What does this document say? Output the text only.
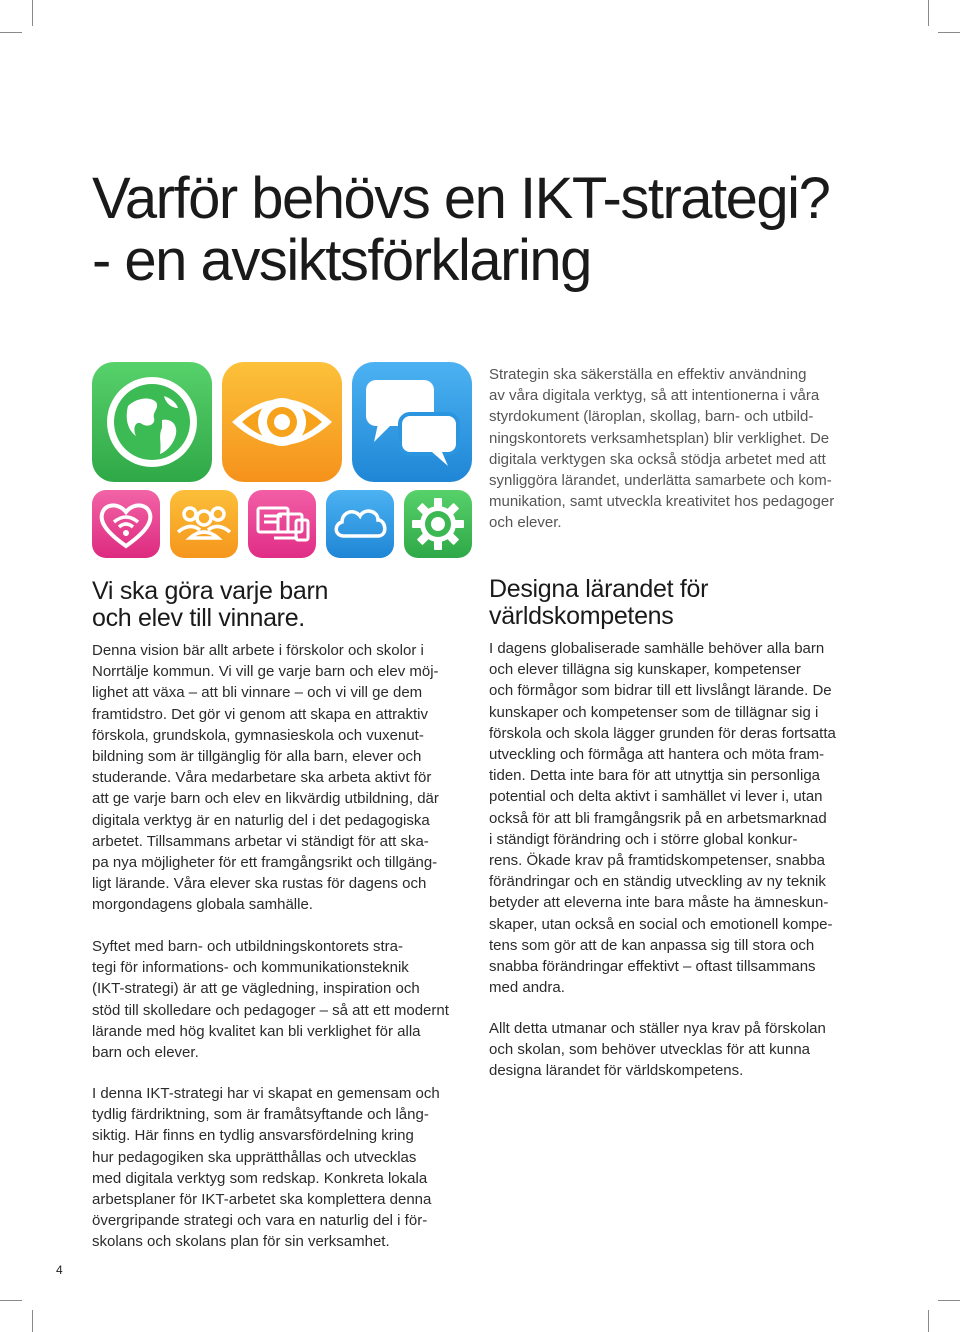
Varför behövs en IKT-strategi?
- en avsiktsförklaring

Strategin ska säkerställa en effektiv användning
av våra digitala verktyg, så att intentionerna i våra
styrdokument (läroplan, skollag, barn- och utbild-
ningskontorets verksamhetsplan) blir verklighet. De
digitala verktygen ska också stödja arbetet med att
synliggöra lärandet, underlätta samarbete och kom-
munikation, samt utveckla kreativitet hos pedagoger
och elever.

Vi ska göra varje barn
och elev till vinnare.

Denna vision bär allt arbete i förskolor och skolor i
Norrtälje kommun. Vi vill ge varje barn och elev möj-
lighet att växa – att bli vinnare – och vi vill ge dem
framtidstro. Det gör vi genom att skapa en attraktiv
förskola, grundskola, gymnasieskola och vuxenut-
bildning som är tillgänglig för alla barn, elever och
studerande. Våra medarbetare ska arbeta aktivt för
att ge varje barn och elev en likvärdig utbildning, där
digitala verktyg är en naturlig del i det pedagogiska
arbetet. Tillsammans arbetar vi ständigt för att ska-
pa nya möjligheter för ett framgångsrikt och tillgäng-
ligt lärande. Våra elever ska rustas för dagens och
morgondagens globala samhälle.

Syftet med barn- och utbildningskontorets stra-
tegi för informations- och kommunikationsteknik
(IKT-strategi) är att ge vägledning, inspiration och
stöd till skolledare och pedagoger – så att ett modernt
lärande med hög kvalitet kan bli verklighet för alla
barn och elever.

I denna IKT-strategi har vi skapat en gemensam och
tydlig färdriktning, som är framåtsyftande och lång-
siktig. Här finns en tydlig ansvarsfördelning kring
hur pedagogiken ska upprätthållas och utvecklas
med digitala verktyg som redskap. Konkreta lokala
arbetsplaner för IKT-arbetet ska komplettera denna
övergripande strategi och vara en naturlig del i för-
skolans och skolans plan för sin verksamhet.

Designa lärandet för
världskompetens

I dagens globaliserade samhälle behöver alla barn
och elever tillägna sig kunskaper, kompetenser
och förmågor som bidrar till ett livslångt lärande. De
kunskaper och kompetenser som de tillägnar sig i
förskola och skola lägger grunden för deras fortsatta
utveckling och förmåga att hantera och möta fram-
tiden. Detta inte bara för att utnyttja sin personliga
potential och delta aktivt i samhället vi lever i, utan
också för att bli framgångsrik på en arbetsmarknad
i ständigt förändring och i större global konkur-
rens. Ökade krav på framtidskompetenser, snabba
förändringar och en ständig utveckling av ny teknik
betyder att eleverna inte bara måste ha ämneskun-
skaper, utan också en social och emotionell kompe-
tens som gör att de kan anpassa sig till stora och
snabba förändringar effektivt – oftast tillsammans
med andra.

Allt detta utmanar och ställer nya krav på förskolan
och skolan, som behöver utvecklas för att kunna
designa lärandet för världskompetens.

4
